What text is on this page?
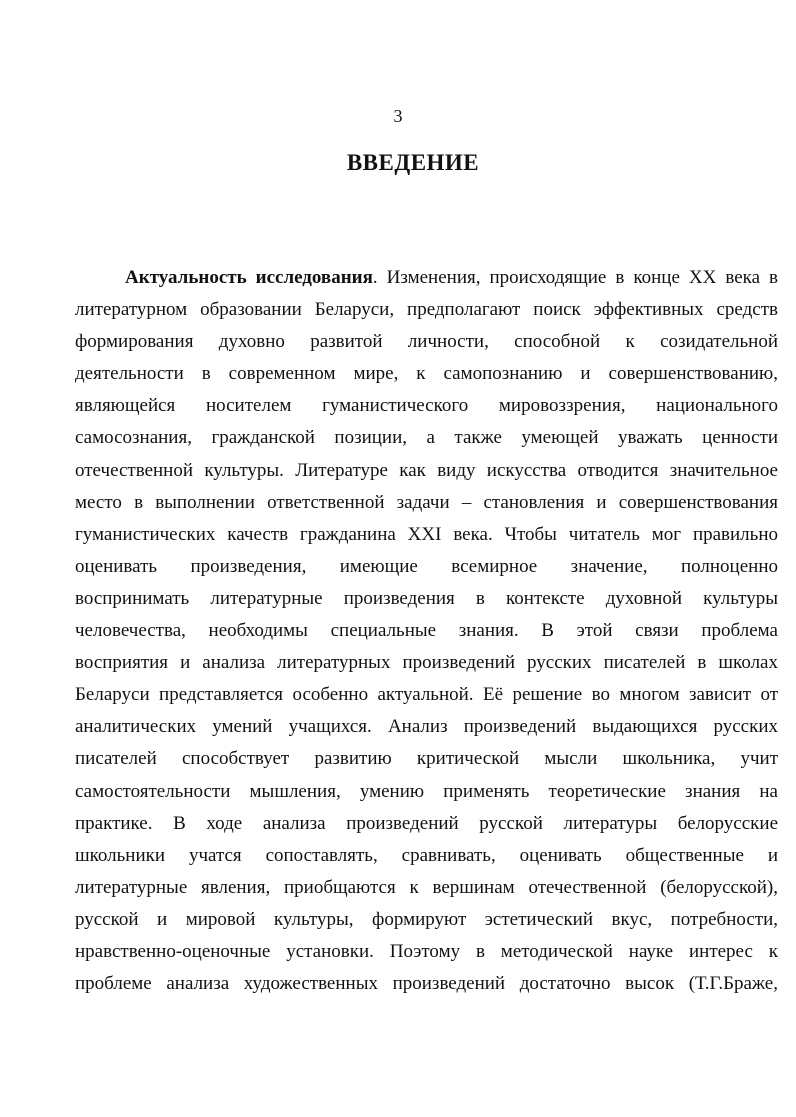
3
ВВЕДЕНИЕ
Актуальность исследования. Изменения, происходящие в конце XX века в
литературном образовании Беларуси, предполагают поиск эффективных средств
формирования духовно развитой личности, способной к созидательной
деятельности в современном мире, к самопознанию и совершенствованию,
являющейся носителем гуманистического мировоззрения, национального
самосознания, гражданской позиции, а также умеющей уважать ценности
отечественной культуры. Литературе как виду искусства отводится значительное
место в выполнении ответственной задачи – становления и совершенствования
гуманистических качеств гражданина XXI века. Чтобы читатель мог правильно
оценивать произведения, имеющие всемирное значение, полноценно
воспринимать литературные произведения в контексте духовной культуры
человечества, необходимы специальные знания. В этой связи проблема
восприятия и анализа литературных произведений русских писателей в школах
Беларуси представляется особенно актуальной. Её решение во многом зависит от
аналитических умений учащихся. Анализ произведений выдающихся русских
писателей способствует развитию критической мысли школьника, учит
самостоятельности мышления, умению применять теоретические знания на
практике. В ходе анализа произведений русской литературы белорусские
школьники учатся сопоставлять, сравнивать, оценивать общественные и
литературные явления, приобщаются к вершинам отечественной (белорусской),
русской и мировой культуры, формируют эстетический вкус, потребности,
нравственно-оценочные установки. Поэтому в методической науке интерес к
проблеме анализа художественных произведений достаточно высок (Т.Г.Браже,
